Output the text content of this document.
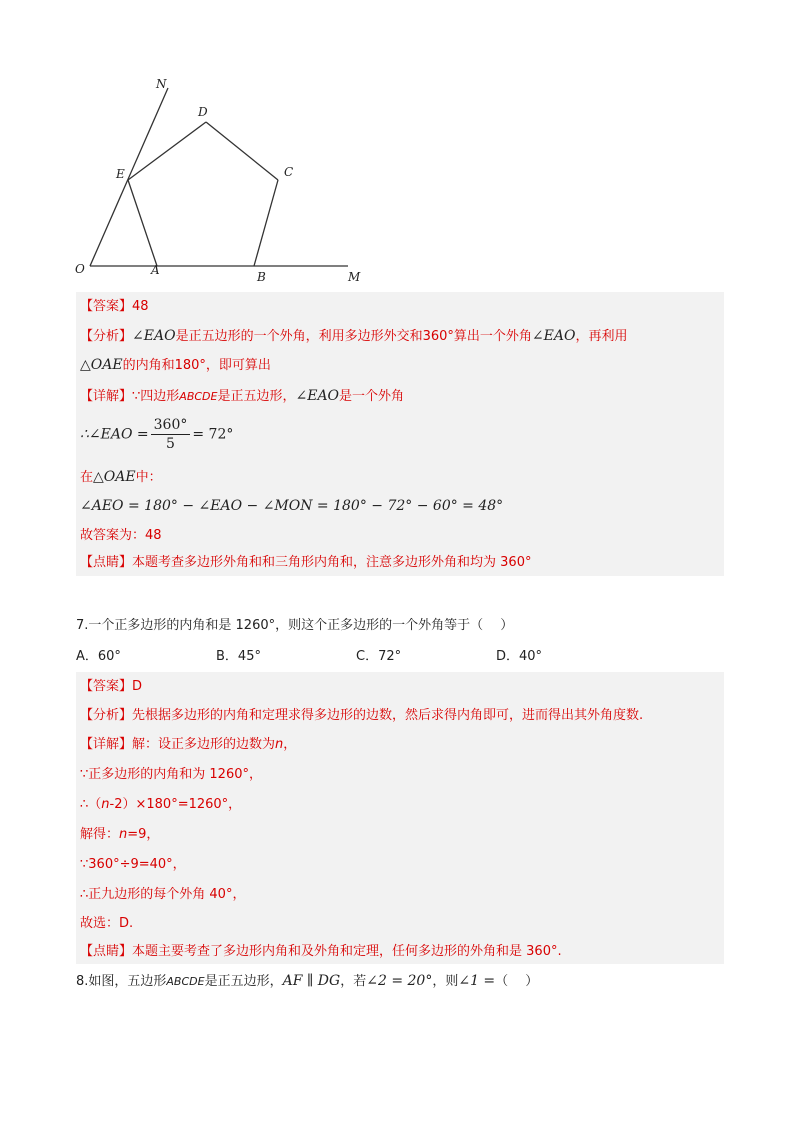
N
D
E	C
O	A	B	M
【答案】48
【分析】∠EAO是正五边形的一个外角，利用多边形外交和360°算出一个外角∠EAO，再利用
△OAE的内角和180°，即可算出
【详解】∵四边形ABCDE是正五边形，∠EAO是一个外角
∴∠EAO = $\frac{360^\circ}{5} = 72^\circ$
在△OAE中：
∠AEO = 180° − ∠EAO − ∠MON = 180° − 72° − 60° = 48°
故答案为：48
【点睛】本题考查多边形外角和和三角形内角和，注意多边形外角和均为 360°
7.一个正多边形的内角和是 1260°，则这个正多边形的一个外角等于（　 ）
A．60°	B．45°	C．72°	D．40°
【答案】D
【分析】先根据多边形的内角和定理求得多边形的边数，然后求得内角即可，进而得出其外角度数.
【详解】解：设正多边形的边数为n，
∵正多边形的内角和为 1260°，
∴（n-2）×180°=1260°，
解得：n=9，
∵360°÷9=40°，
∴正九边形的每个外角 40°，
故选：D.
【点睛】本题主要考查了多边形内角和及外角和定理，任何多边形的外角和是 360°.
8.如图，五边形ABCDE是正五边形，AF ∥ DG，若∠2 = 20°，则∠1 =（　 ）
